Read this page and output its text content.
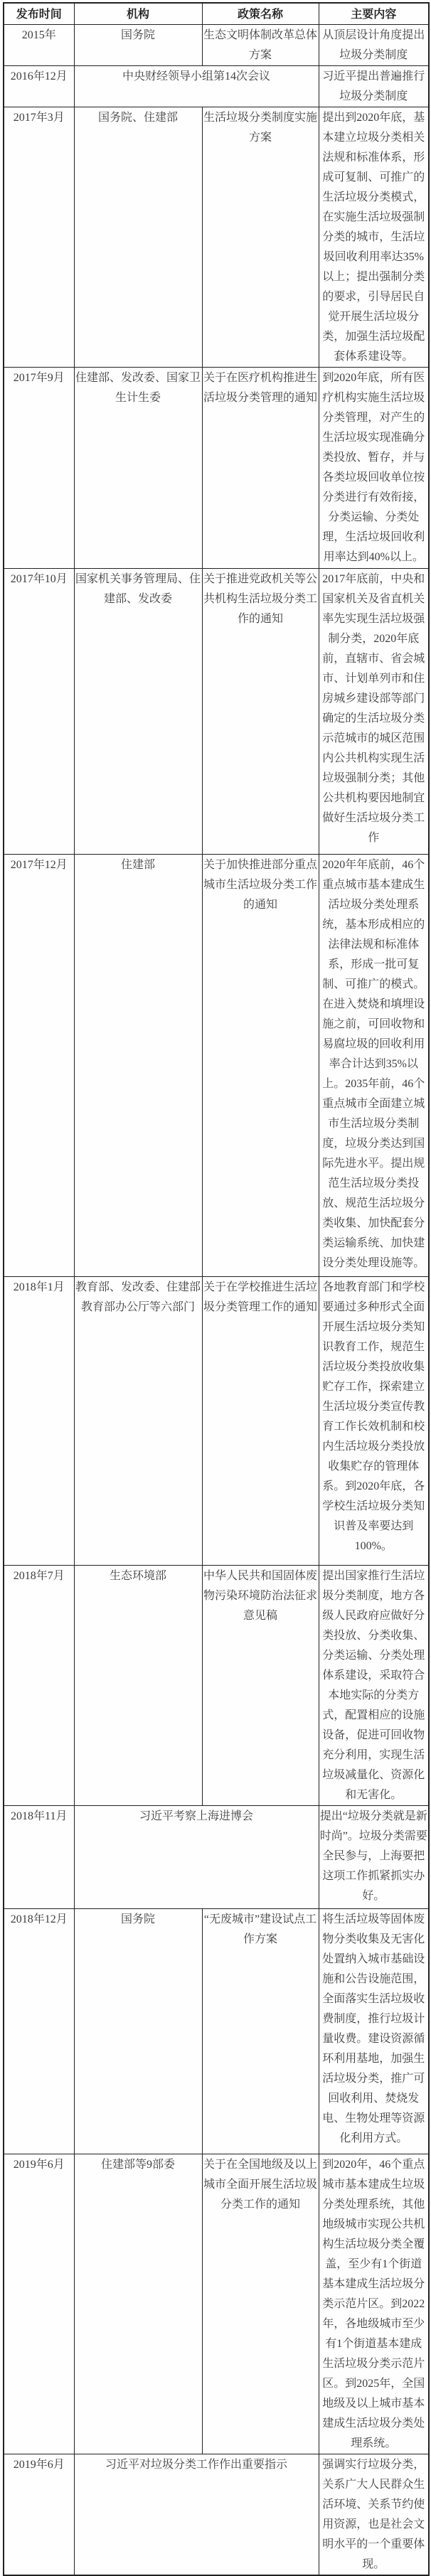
发布时间	机构	政策名称	主要内容
2015年	国务院	生态文明体制改革总体方案	从顶层设计角度提出垃圾分类制度
2016年12月	中央财经领导小组第14次会议		习近平提出普遍推行垃圾分类制度
2017年3月	国务院、住建部	生活垃圾分类制度实施方案	提出到2020年底，基本建立垃圾分类相关法规和标准体系，形成可复制、可推广的生活垃圾分类模式，在实施生活垃圾强制分类的城市，生活垃圾回收利用率达35%以上；提出强制分类的要求，引导居民自觉开展生活垃圾分类，加强生活垃圾配套体系建设等。
2017年9月	住建部、发改委、国家卫生计生委	关于在医疗机构推进生活垃圾分类管理的通知	到2020年底，所有医疗机构实施生活垃圾分类管理，对产生的生活垃圾实现准确分类投放、暂存，并与各类垃圾回收单位按分类进行有效衔接，分类运输、分类处理，生活垃圾回收利用率达到40%以上。
2017年10月	国家机关事务管理局、住建部、发改委	关于推进党政机关等公共机构生活垃圾分类工作的通知	2017年底前，中央和国家机关及省直机关率先实现生活垃圾强制分类，2020年底前，直辖市、省会城市、计划单列市和住房城乡建设部等部门确定的生活垃圾分类示范城市的城区范围内公共机构实现生活垃圾强制分类；其他公共机构要因地制宜做好生活垃圾分类工作
2017年12月	住建部	关于加快推进部分重点城市生活垃圾分类工作的通知	2020年年底前，46个重点城市基本建成生活垃圾分类处理系统，基本形成相应的法律法规和标准体系，形成一批可复制、可推广的模式。在进入焚烧和填埋设施之前，可回收物和易腐垃圾的回收利用率合计达到35%以上。2035年前，46个重点城市全面建立城市生活垃圾分类制度，垃圾分类达到国际先进水平。提出规范生活垃圾分类投放、规范生活垃圾分类收集、加快配套分类运输系统、加快建设分类处理设施等。
2018年1月	教育部、发改委、住建部教育部办公厅等六部门	关于在学校推进生活垃圾分类管理工作的通知	各地教育部门和学校要通过多种形式全面开展生活垃圾分类知识教育工作，规范生活垃圾分类投放收集贮存工作，探索建立生活垃圾分类宣传教育工作长效机制和校内生活垃圾分类投放收集贮存的管理体系。到2020年底，各学校生活垃圾分类知识普及率要达到100%。
2018年7月	生态环境部	中华人民共和国固体废物污染环境防治法征求意见稿	提出国家推行生活垃圾分类制度，地方各级人民政府应做好分类投放、分类收集、分类运输、分类处理体系建设，采取符合本地实际的分类方式，配置相应的设施设备，促进可回收物充分利用，实现生活垃圾减量化、资源化和无害化。
2018年11月	习近平考察上海进博会		提出“垃圾分类就是新时尚”。垃圾分类需要全民参与，上海要把这项工作抓紧抓实办好。
2018年12月	国务院	“无废城市”建设试点工作方案	将生活垃圾等固体废物分类收集及无害化处置纳入城市基础设施和公告设施范围，全面落实生活垃圾收费制度，推行垃圾计量收费。建设资源循环利用基地，加强生活垃圾分类，推广可回收利用、焚烧发电、生物处理等资源化利用方式。
2019年6月	住建部等9部委	关于在全国地级及以上城市全面开展生活垃圾分类工作的通知	到2020年，46个重点城市基本建成生垃圾分类处理系统，其他地级城市实现公共机构生活垃圾分类全覆盖，至少有1个街道基本建成生活垃圾分类示范片区。到2022年，各地级城市至少有1个街道基本建成生活垃圾分类示范片区。到2025年，全国地级及以上城市基本建成生活垃圾分类处理系统。
2019年6月	习近平对垃圾分类工作作出重要指示		强调实行垃圾分类，关系广大人民群众生活环境、关系节约使用资源，也是社会文明水平的一个重要体现。
